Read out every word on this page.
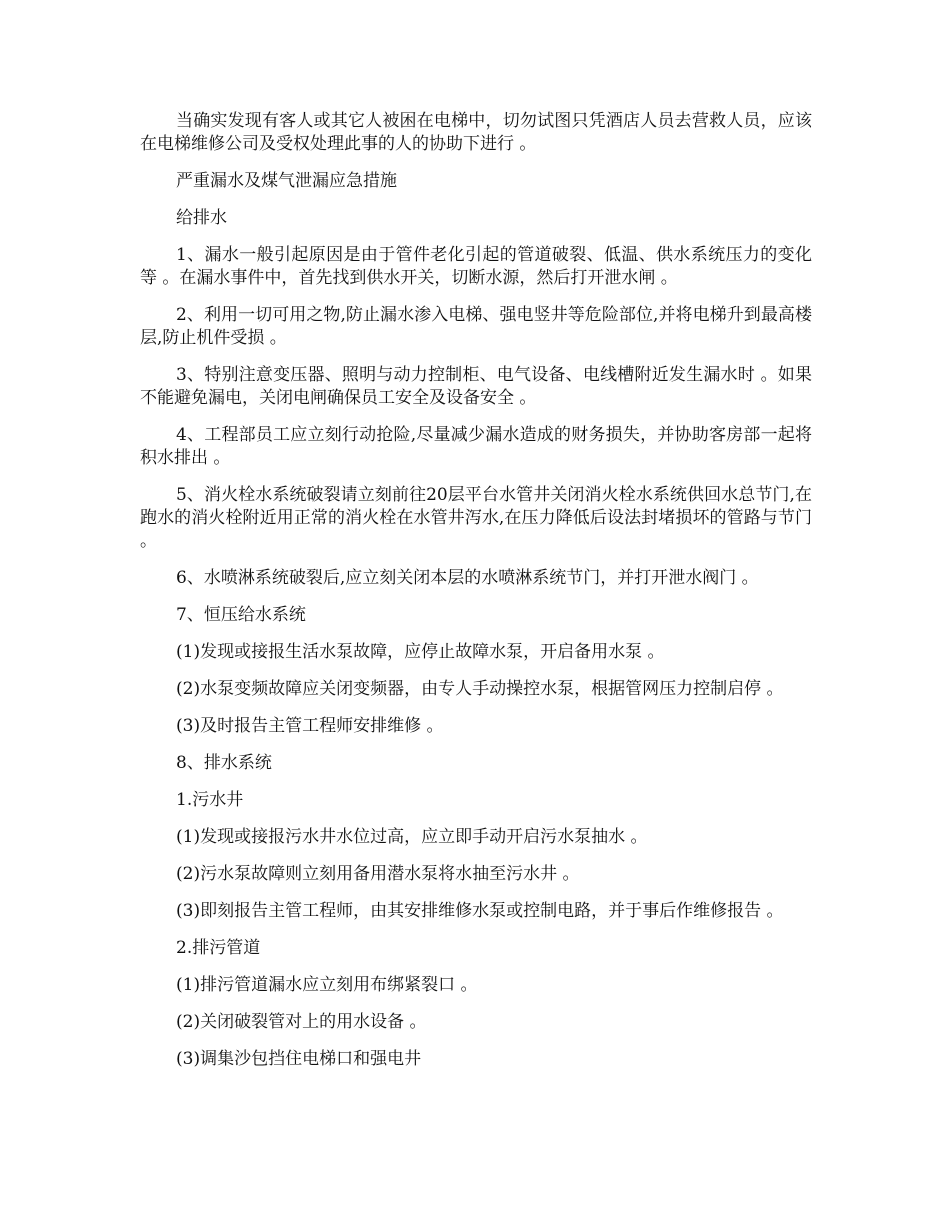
当确实发现有客人或其它人被困在电梯中，切勿试图只凭酒店人员去营救人员，应该在电梯维修公司及受权处理此事的人的协助下进行 。

严重漏水及煤气泄漏应急措施

给排水

1、漏水一般引起原因是由于管件老化引起的管道破裂、低温、供水系统压力的变化等 。在漏水事件中，首先找到供水开关，切断水源，然后打开泄水闸 。

2、利用一切可用之物,防止漏水渗入电梯、强电竖井等危险部位,并将电梯升到最高楼层,防止机件受损 。

3、特别注意变压器、照明与动力控制柜、电气设备、电线槽附近发生漏水时 。如果不能避免漏电，关闭电闸确保员工安全及设备安全 。

4、工程部员工应立刻行动抢险,尽量减少漏水造成的财务损失，并协助客房部一起将积水排出 。

5、消火栓水系统破裂请立刻前往20层平台水管井关闭消火栓水系统供回水总节门,在跑水的消火栓附近用正常的消火栓在水管井泻水,在压力降低后设法封堵损坏的管路与节门 。

6、水喷淋系统破裂后,应立刻关闭本层的水喷淋系统节门，并打开泄水阀门 。

7、恒压给水系统

(1)发现或接报生活水泵故障，应停止故障水泵，开启备用水泵 。

(2)水泵变频故障应关闭变频器，由专人手动操控水泵，根据管网压力控制启停 。

(3)及时报告主管工程师安排维修 。

8、排水系统

1.污水井

(1)发现或接报污水井水位过高，应立即手动开启污水泵抽水 。

(2)污水泵故障则立刻用备用潜水泵将水抽至污水井 。

(3)即刻报告主管工程师，由其安排维修水泵或控制电路，并于事后作维修报告 。

2.排污管道

(1)排污管道漏水应立刻用布绑紧裂口 。

(2)关闭破裂管对上的用水设备 。

(3)调集沙包挡住电梯口和强电井
